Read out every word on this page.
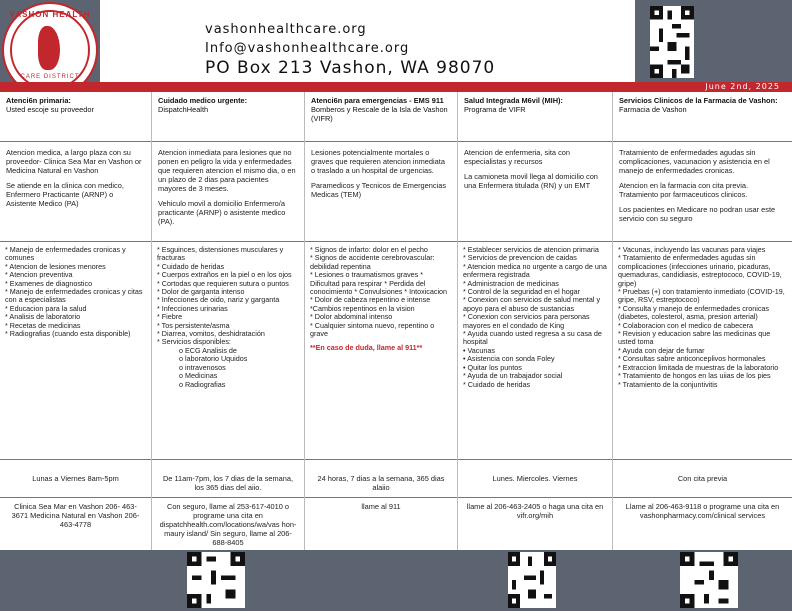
VASHON HEALTH
CARE DISTRICT
vashonhealthcare.org
Info@vashonhealthcare.org
PO Box 213 Vashon, WA 98070
June 2nd, 2025
Atenci6n primaria:
Usted escoje su proveedor

Atencion medica, a largo plaza con su proveedor- Clinica Sea Mar en Vashon or Medicina Natural en Vashon

Se atiende en la clinica con medico, Enfermero Practicante (ARNP) o Asistente Medico (PA)

* Manejo de enfermedades cronicas y comunes
* Atencion de lesiones menores
* Atencion preventiva
* Examenes de diagnostico
* Manejo de enfermedades cronicas y citas con a especialistas
* Educacion para la salud
* Analisis de laboratorio
* Recetas de medicinas
* Radiografias (cuando esta disponible)
Lunas a Viernes 8am-5pm
Clinica Sea Mar en Vashon 206- 463-3671 Medicina Natural en Vashon 206-463-4778
Cuidado medico urgente:
DispatchHealth

Atencion inmediata para lesiones que no ponen en peligro la vida y enfermedades que requieren atencion el mismo dia, o en un plazo de 2 dias para pacientes mayores de 3 meses.

Vehiculo movil a domicilio Enfermero/a practicante (ARNP) o asistente medico (PA).

* Esguinces, distensiones musculares y fracturas
* Cuidado de heridas
* Cuerpos extraños en la piel o en los ojos
* Cortodas que requieren sutura o puntos
* Dolor de garganta intenso
* Infecciones de oido, nariz y garganta
* Infecciones urinarias
* Fiebre
* Tos persistente/asma
* Diarrea, vomitos, deshidratación
* Servicios disponibles:
o ECG Analisis de
o laboratorio Uquidos
o intravenosos
o Medicinas
o Radiografias
De 11am-7pm, los 7 dias de la semana, los 365 dias del aiio.
Con seguro, llame al 253-617-4010 o programe una cita en dispatchhealth.com/locations/wa/vas hon-maury island/ Sin seguro, llame al 206-688-8405
Atenci6n para emergencias - EMS 911
Bomberos y Rescale de la Isla de Vashon (VIFR)

Lesiones potencialmente mortales o graves que requieren atencion inmediata o traslado a un hospital de urgencias.

Paramedicos y Tecnicos de Emergencias Medicas (TEM)

* Signos de infarto: dolor en el pecho
* Signos de accidente cerebrovascular: debilidad repentina
* Lesiones o traumatismos graves * Dificultad para respirar * Perdida del conocimiento * Convulsiones * Intoxicacion
* Dolor de cabeza repentino e intense *Cambios repentinos en la vision
* Dolor abdominal intenso
* Cualquier sintoma nuevo, repentino o grave
**En caso de duda, llame al 911**
24 horas, 7 dias a la semana, 365 dias alaiio
llame al 911
Salud Integrada M6vil (MIH):
Programa de VIFR

Atencion de enfermeria, sita con especialistas y recursos

La camioneta movil llega al domicilio con una Enfermera titulada (RN) y un EMT

* Establecer servicios de atencion primaria
* Servicios de prevencion de caidas
* Atencion medica no urgente a cargo de una enfermera registrada
* Administracion de medicinas
* Control de la seguridad en el hogar
* Conexion con servicios de salud mental y apoyo para el abuso de sustancias
* Conexion con servicios para personas mayores en el condado de King
* Ayuda cuando usted regresa a su casa de hospital
• Vacunas
• Asistencia con sonda Foley
• Quitar los puntos
* Ayuda de un trabajador social
* Cuidado de heridas
Lunes. Miercoles. Viernes
llame al 206-463-2405 o haga una cita en vifr.org/mih
Servicios Clinicos de la Farmacia de Vashon:
Farmacia de Vashon

Tratamiento de enfermedades agudas sin complicaciones, vacunacion y asistencia en el manejo de enfermedades cronicas.

Atencion en la farmacia con cita previa. Tratamiento por farmaceuticos clinicos.

Los pacientes en Medicare no podran usar este servicio con su seguro

* Vacunas, incluyendo las vacunas para viajes
* Tratamiento de enfermedades agudas sin complicaciones (infecciones urinario, picaduras, quemaduras, candidiasis, estreptococo, COVID-19, gripe)
* Pruebas (+) con tratamiento inmediato (COVID-19, gripe, RSV, estreptococo)
* Consulta y manejo de enfermedades cronicas (diabetes, colesterol, asma, presion arterial)
* Colaboracion con el medico de cabecera
* Revision y educacion sabre las medicinas que usted toma
* Ayuda con dejar de fumar
* Consultas sabre anticonceplivos hormonales
* Extraccion limitada de muestras de la laboratorio
* Tratamiento de hongos en las uiias de los pies
* Tratamiento de la conjuntivitis
Con cita previa
Llame al 206-463-9118 o programe una cita en vashonpharmacy.com/clinical services
